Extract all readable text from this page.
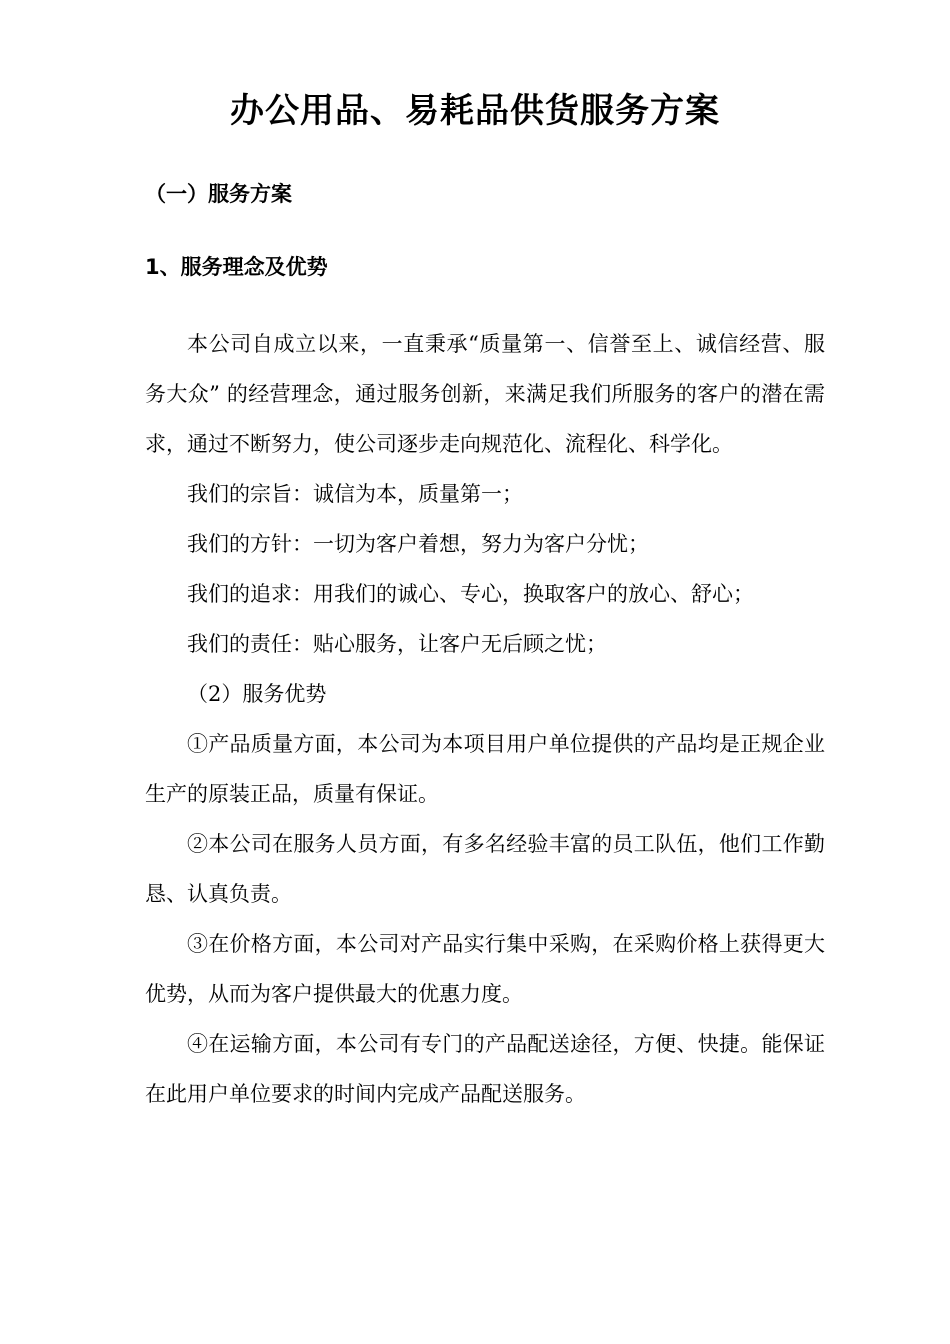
办公用品、易耗品供货服务方案
（一）服务方案
1、服务理念及优势

本公司自成立以来，一直秉承“质量第一、信誉至上、诚信经营、服务大众” 的经营理念，通过服务创新，来满足我们所服务的客户的潜在需求，通过不断努力，使公司逐步走向规范化、流程化、科学化。

我们的宗旨：诚信为本，质量第一；

我们的方针：一切为客户着想，努力为客户分忧；

我们的追求：用我们的诚心、专心，换取客户的放心、舒心；

我们的责任：贴心服务，让客户无后顾之忧；

（2）服务优势

①产品质量方面，本公司为本项目用户单位提供的产品均是正规企业生产的原装正品，质量有保证。

②本公司在服务人员方面，有多名经验丰富的员工队伍，他们工作勤恳、认真负责。

③在价格方面，本公司对产品实行集中采购，在采购价格上获得更大优势，从而为客户提供最大的优惠力度。

④在运输方面，本公司有专门的产品配送途径，方便、快捷。能保证在此用户单位要求的时间内完成产品配送服务。
